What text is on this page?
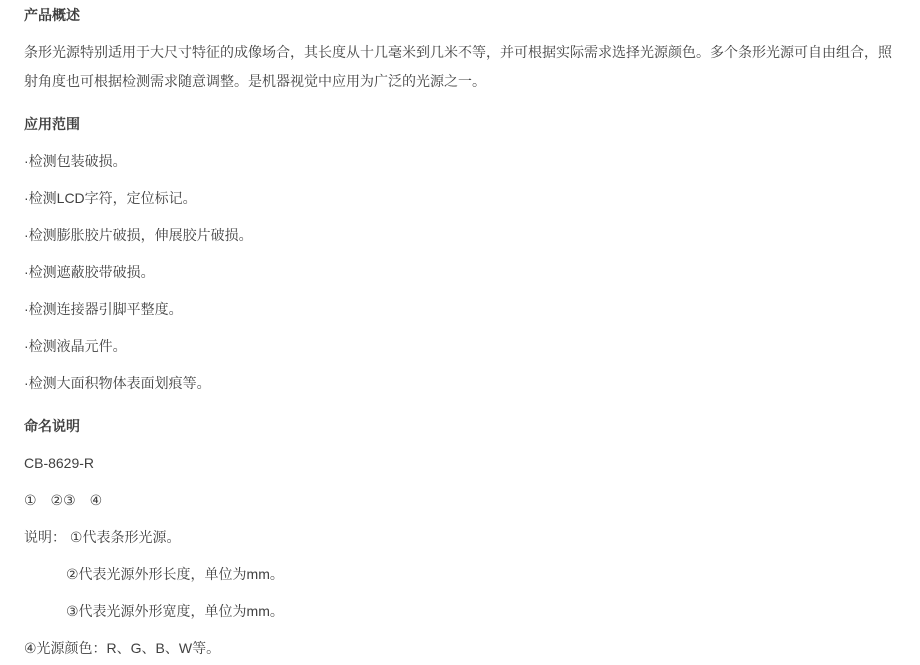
产品概述
条形光源特别适用于大尺寸特征的成像场合，其长度从十几毫米到几米不等，并可根据实际需求选择光源颜色。多个条形光源可自由组合，照射角度也可根据检测需求随意调整。是机器视觉中应用为广泛的光源之一。
应用范围
·检测包装破损。
·检测LCD字符，定位标记。
·检测膨胀胶片破损，伸展胶片破损。
·检测遮蔽胶带破损。
·检测连接器引脚平整度。
·检测液晶元件。
·检测大面积物体表面划痕等。
命名说明
CB-8629-R
①　②③　④
说明： ①代表条形光源。
②代表光源外形长度，单位为mm。
③代表光源外形宽度，单位为mm。
④光源颜色：R、G、B、W等。
